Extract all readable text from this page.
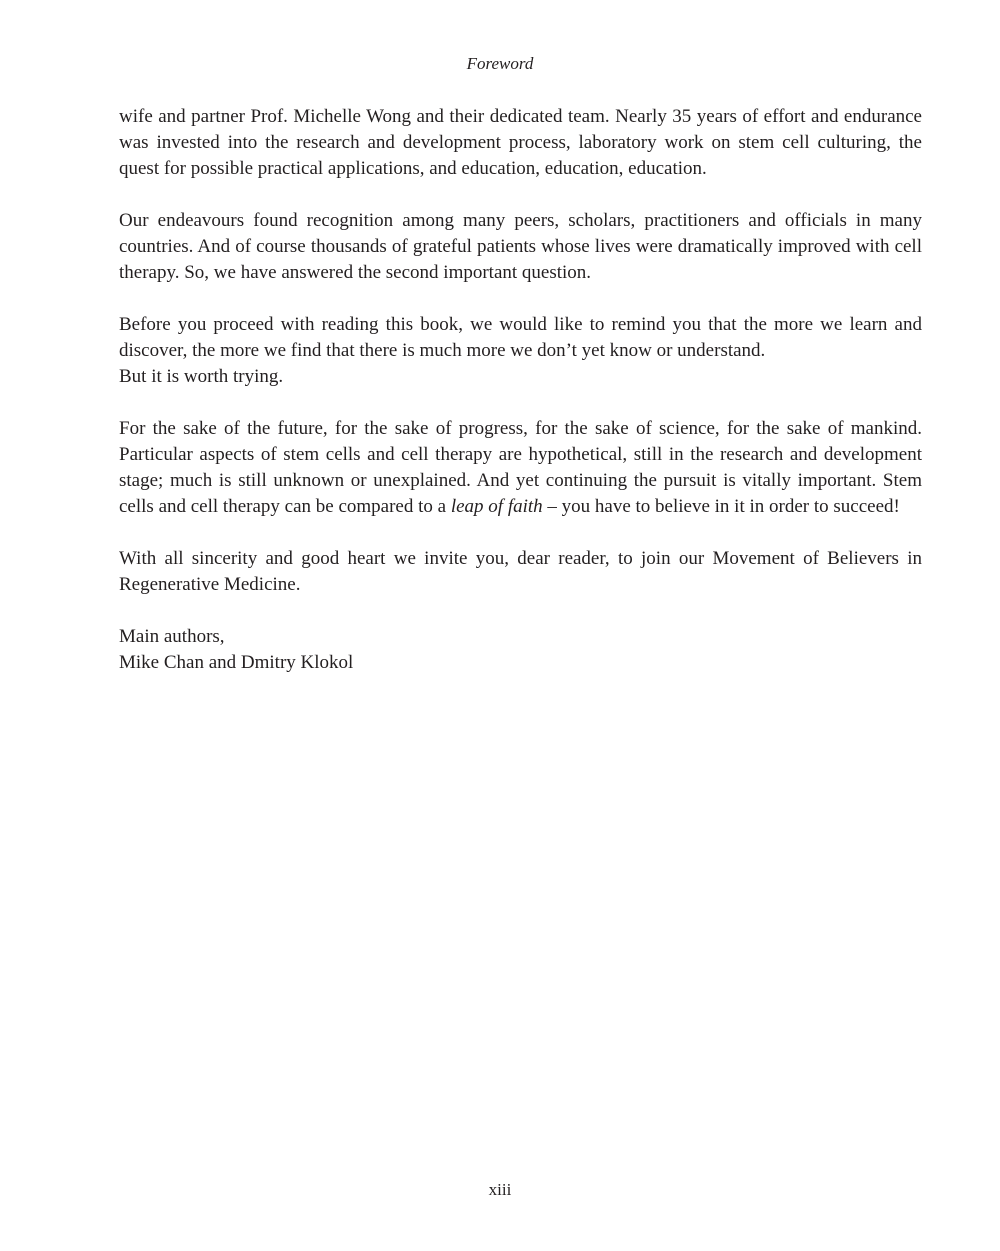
Foreword

wife and partner Prof. Michelle Wong and their dedicated team. Nearly 35 years of effort and endurance was invested into the research and development process, laboratory work on stem cell culturing, the quest for possible practical applications, and education, education, education.

Our endeavours found recognition among many peers, scholars, practitioners and officials in many countries. And of course thousands of grateful patients whose lives were dramatically improved with cell therapy. So, we have answered the second important question.

Before you proceed with reading this book, we would like to remind you that the more we learn and discover, the more we find that there is much more we don’t yet know or understand.
But it is worth trying.

For the sake of the future, for the sake of progress, for the sake of science, for the sake of mankind. Particular aspects of stem cells and cell therapy are hypothetical, still in the research and development stage; much is still unknown or unexplained. And yet continuing the pursuit is vitally important. Stem cells and cell therapy can be compared to a leap of faith – you have to believe in it in order to succeed!

With all sincerity and good heart we invite you, dear reader, to join our Movement of Believers in Regenerative Medicine.

Main authors,
Mike Chan and Dmitry Klokol

xiii
